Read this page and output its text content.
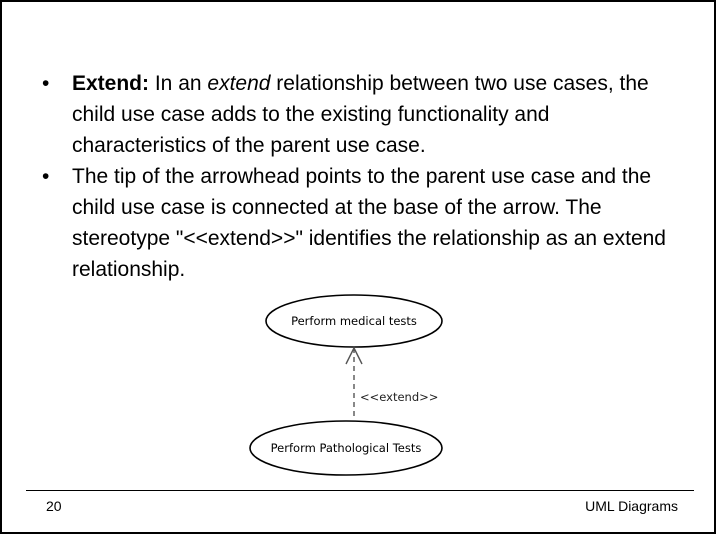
• Extend: In an extend relationship between two use cases, the child use case adds to the existing functionality and characteristics of the parent use case.
• The tip of the arrowhead points to the parent use case and the child use case is connected at the base of the arrow. The stereotype "<<extend>>" identifies the relationship as an extend relationship.
Perform medical tests
<<extend>>
Perform Pathological Tests
20	UML Diagrams
